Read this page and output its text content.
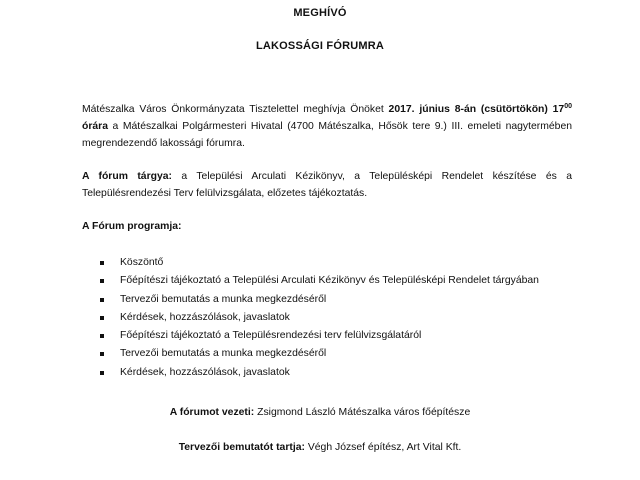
MEGHÍVÓ
LAKOSSÁGI FÓRUMRA
Mátészalka Város Önkormányzata Tisztelettel meghívja Önöket 2017. június 8-án (csütörtökön) $17^{00}$ órára a Mátészalkai Polgármesteri Hivatal (4700 Mátészalka, Hősök tere 9.) III. emeleti nagytermében megrendezendő lakossági fórumra.
A fórum tárgya: a Települési Arculati Kézikönyv, a Településképi Rendelet készítése és a Településrendezési Terv felülvizsgálata, előzetes tájékoztatás.
A Fórum programja:
Köszöntő
Főépítészi tájékoztató a Települési Arculati Kézikönyv és Településképi Rendelet tárgyában
Tervezői bemutatás a munka megkezdéséről
Kérdések, hozzászólások, javaslatok
Főépítészi tájékoztató a Településrendezési terv felülvizsgálatáról
Tervezői bemutatás a munka megkezdéséről
Kérdések, hozzászólások, javaslatok
A fórumot vezeti: Zsigmond László Mátészalka város főépítésze
Tervezői bemutatót tartja: Végh József építész, Art Vital Kft.
